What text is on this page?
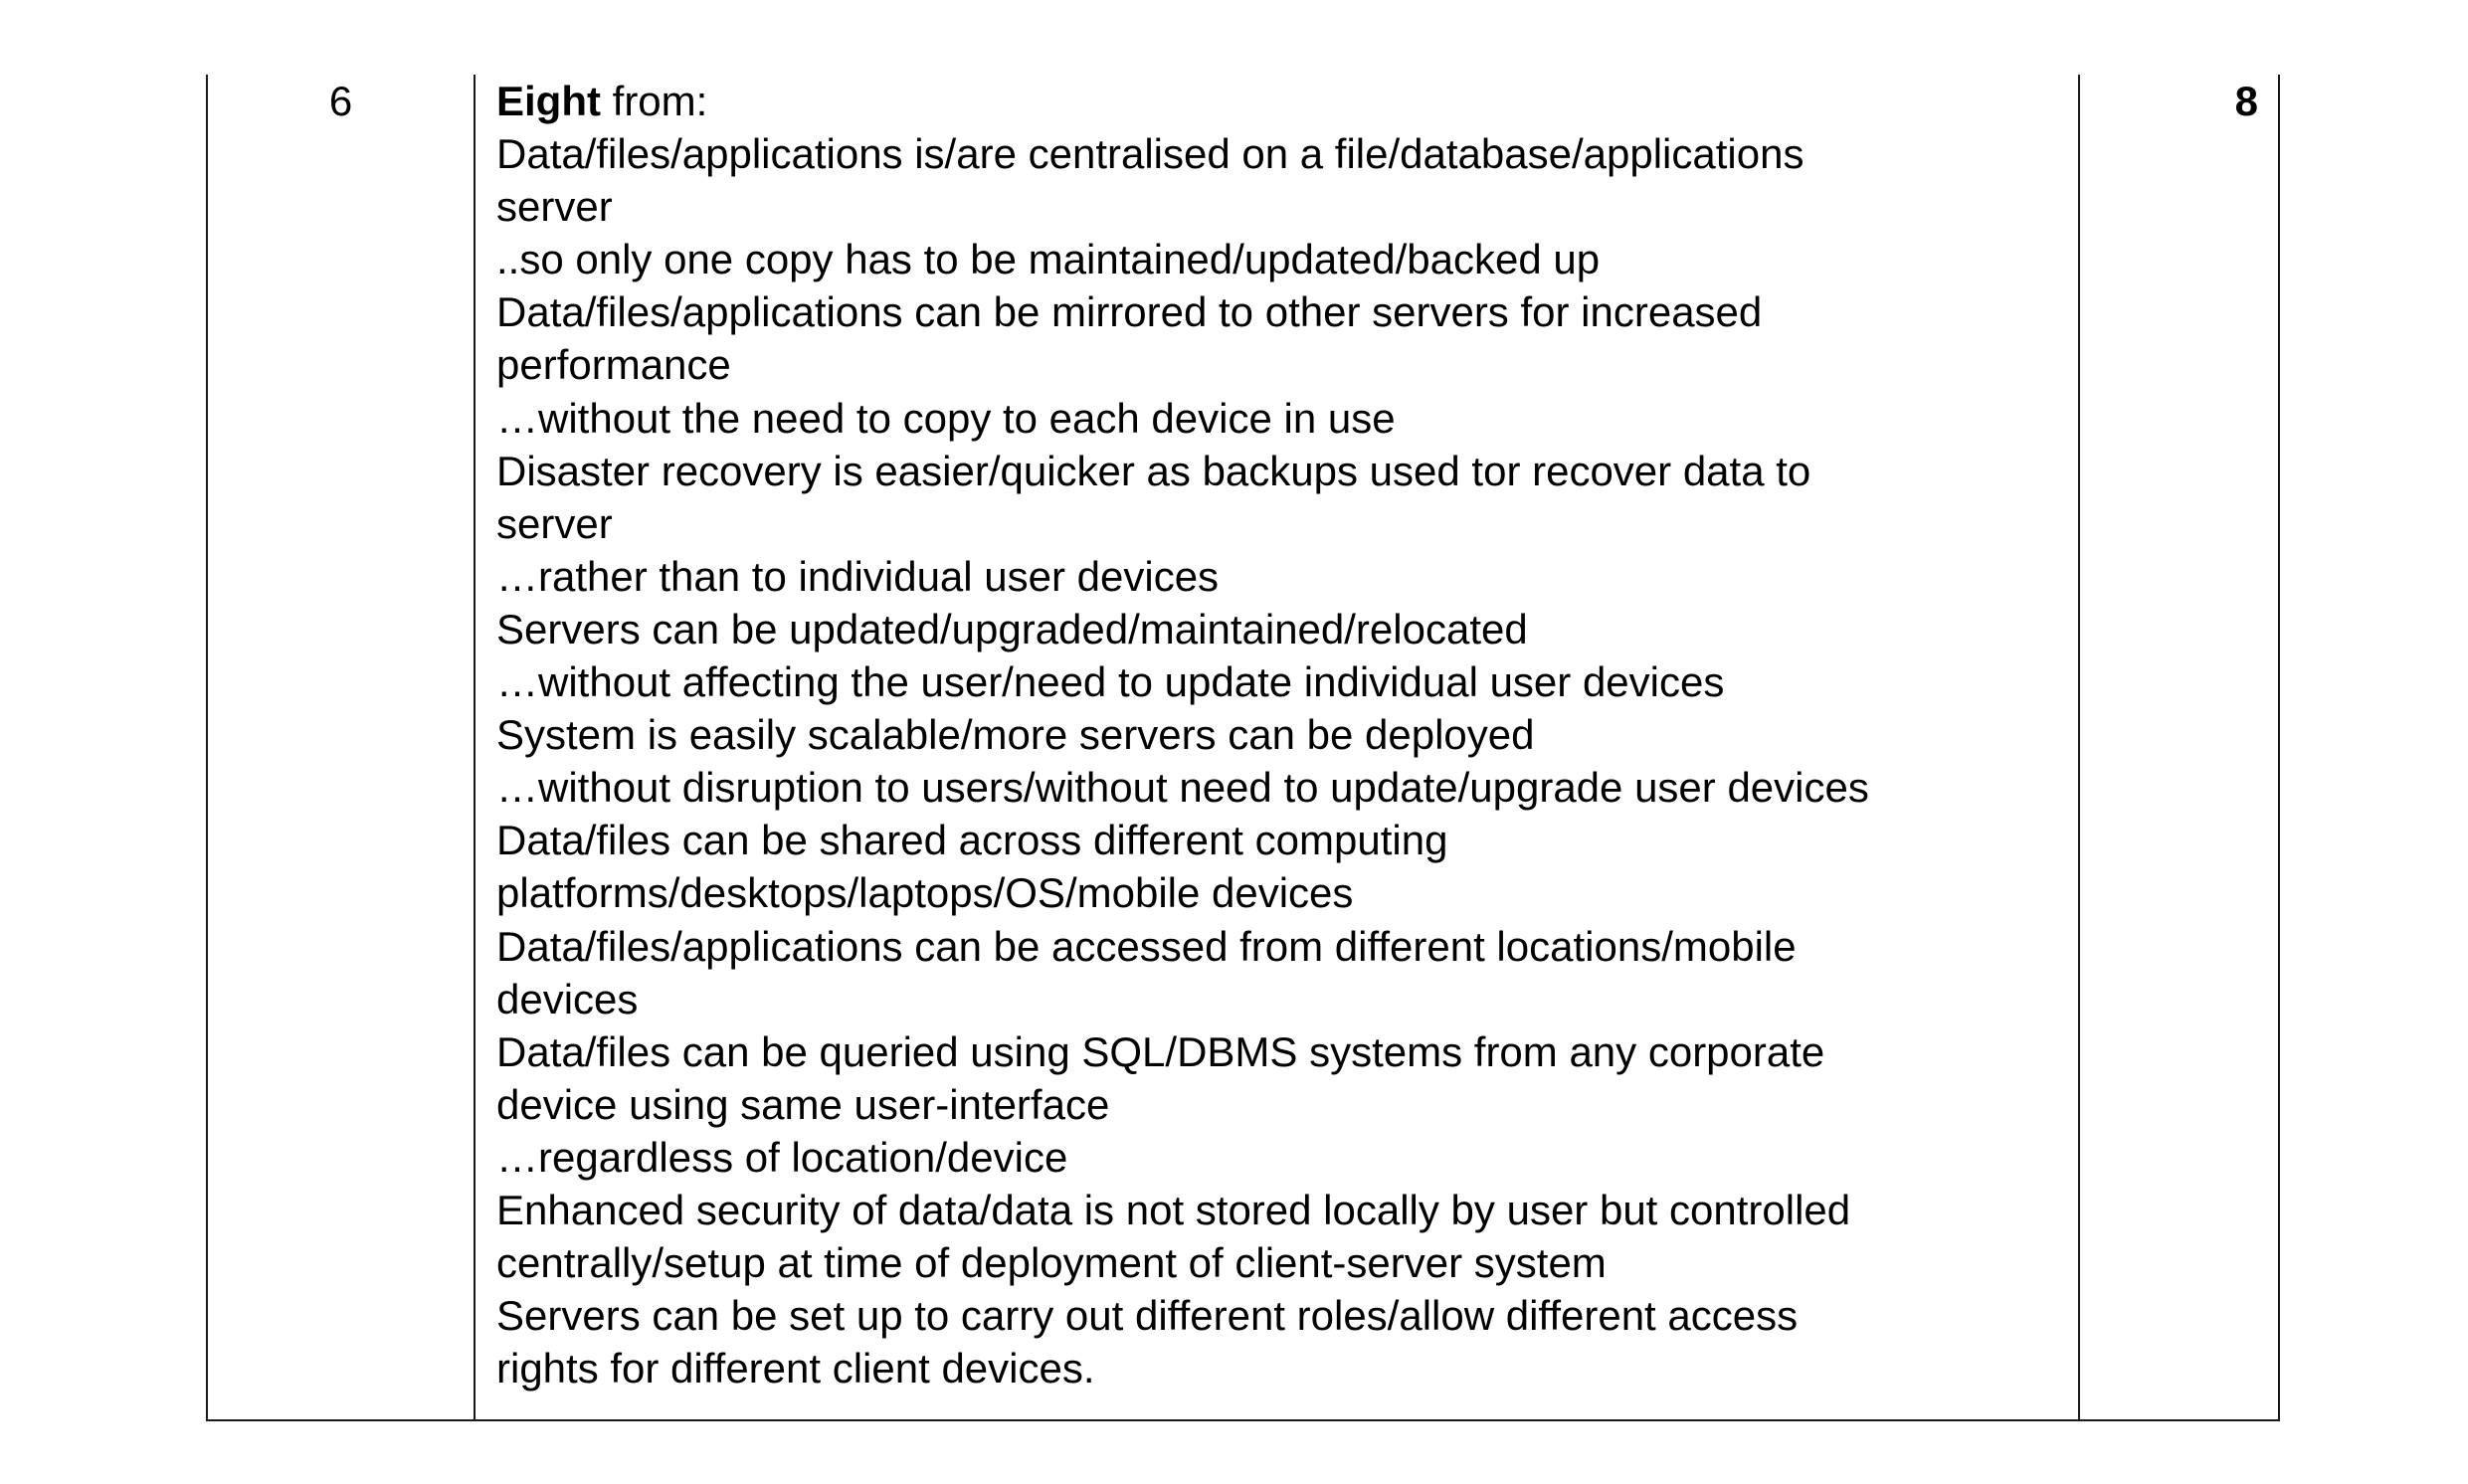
6	Eight from:
Data/files/applications is/are centralised on a file/database/applications
server
..so only one copy has to be maintained/updated/backed up
Data/files/applications can be mirrored to other servers for increased
performance
…without the need to copy to each device in use
Disaster recovery is easier/quicker as backups used tor recover data to
server
…rather than to individual user devices
Servers can be updated/upgraded/maintained/relocated
…without affecting the user/need to update individual user devices
System is easily scalable/more servers can be deployed
…without disruption to users/without need to update/upgrade user devices
Data/files can be shared across different computing
platforms/desktops/laptops/OS/mobile devices
Data/files/applications can be accessed from different locations/mobile
devices
Data/files can be queried using SQL/DBMS systems from any corporate
device using same user-interface
…regardless of location/device
Enhanced security of data/data is not stored locally by user but controlled
centrally/setup at time of deployment of client-server system
Servers can be set up to carry out different roles/allow different access
rights for different client devices.
8
